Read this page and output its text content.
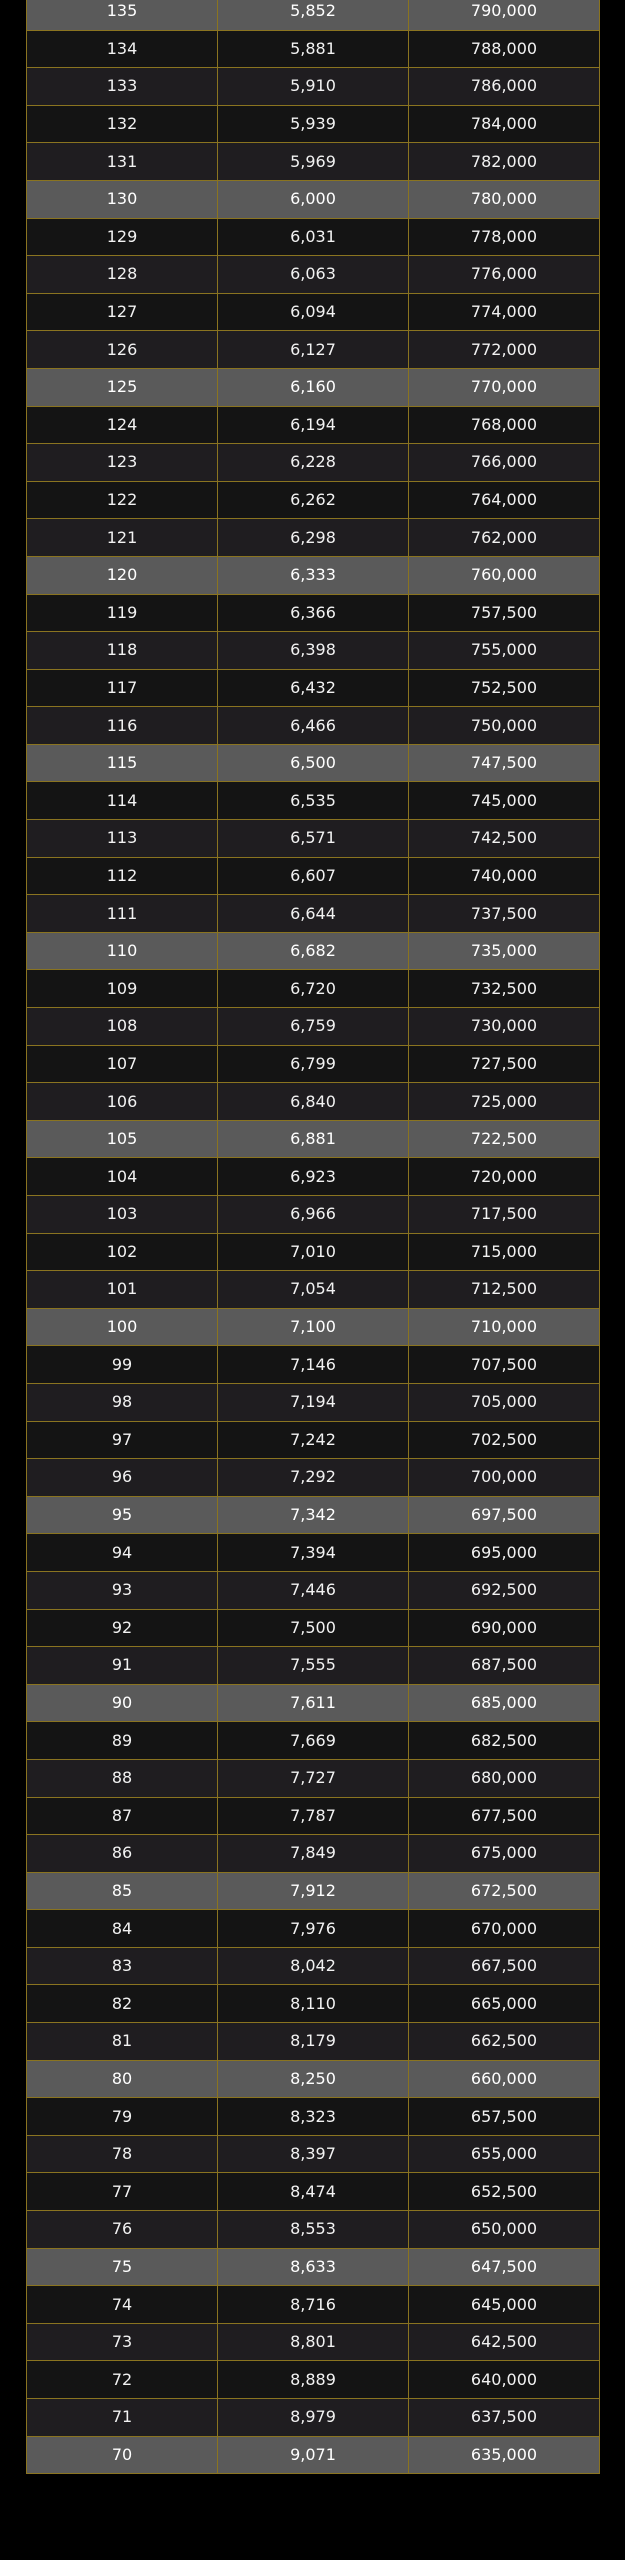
135	5,852	790,000
134	5,881	788,000
133	5,910	786,000
132	5,939	784,000
131	5,969	782,000
130	6,000	780,000
129	6,031	778,000
128	6,063	776,000
127	6,094	774,000
126	6,127	772,000
125	6,160	770,000
124	6,194	768,000
123	6,228	766,000
122	6,262	764,000
121	6,298	762,000
120	6,333	760,000
119	6,366	757,500
118	6,398	755,000
117	6,432	752,500
116	6,466	750,000
115	6,500	747,500
114	6,535	745,000
113	6,571	742,500
112	6,607	740,000
111	6,644	737,500
110	6,682	735,000
109	6,720	732,500
108	6,759	730,000
107	6,799	727,500
106	6,840	725,000
105	6,881	722,500
104	6,923	720,000
103	6,966	717,500
102	7,010	715,000
101	7,054	712,500
100	7,100	710,000
99	7,146	707,500
98	7,194	705,000
97	7,242	702,500
96	7,292	700,000
95	7,342	697,500
94	7,394	695,000
93	7,446	692,500
92	7,500	690,000
91	7,555	687,500
90	7,611	685,000
89	7,669	682,500
88	7,727	680,000
87	7,787	677,500
86	7,849	675,000
85	7,912	672,500
84	7,976	670,000
83	8,042	667,500
82	8,110	665,000
81	8,179	662,500
80	8,250	660,000
79	8,323	657,500
78	8,397	655,000
77	8,474	652,500
76	8,553	650,000
75	8,633	647,500
74	8,716	645,000
73	8,801	642,500
72	8,889	640,000
71	8,979	637,500
70	9,071	635,000
